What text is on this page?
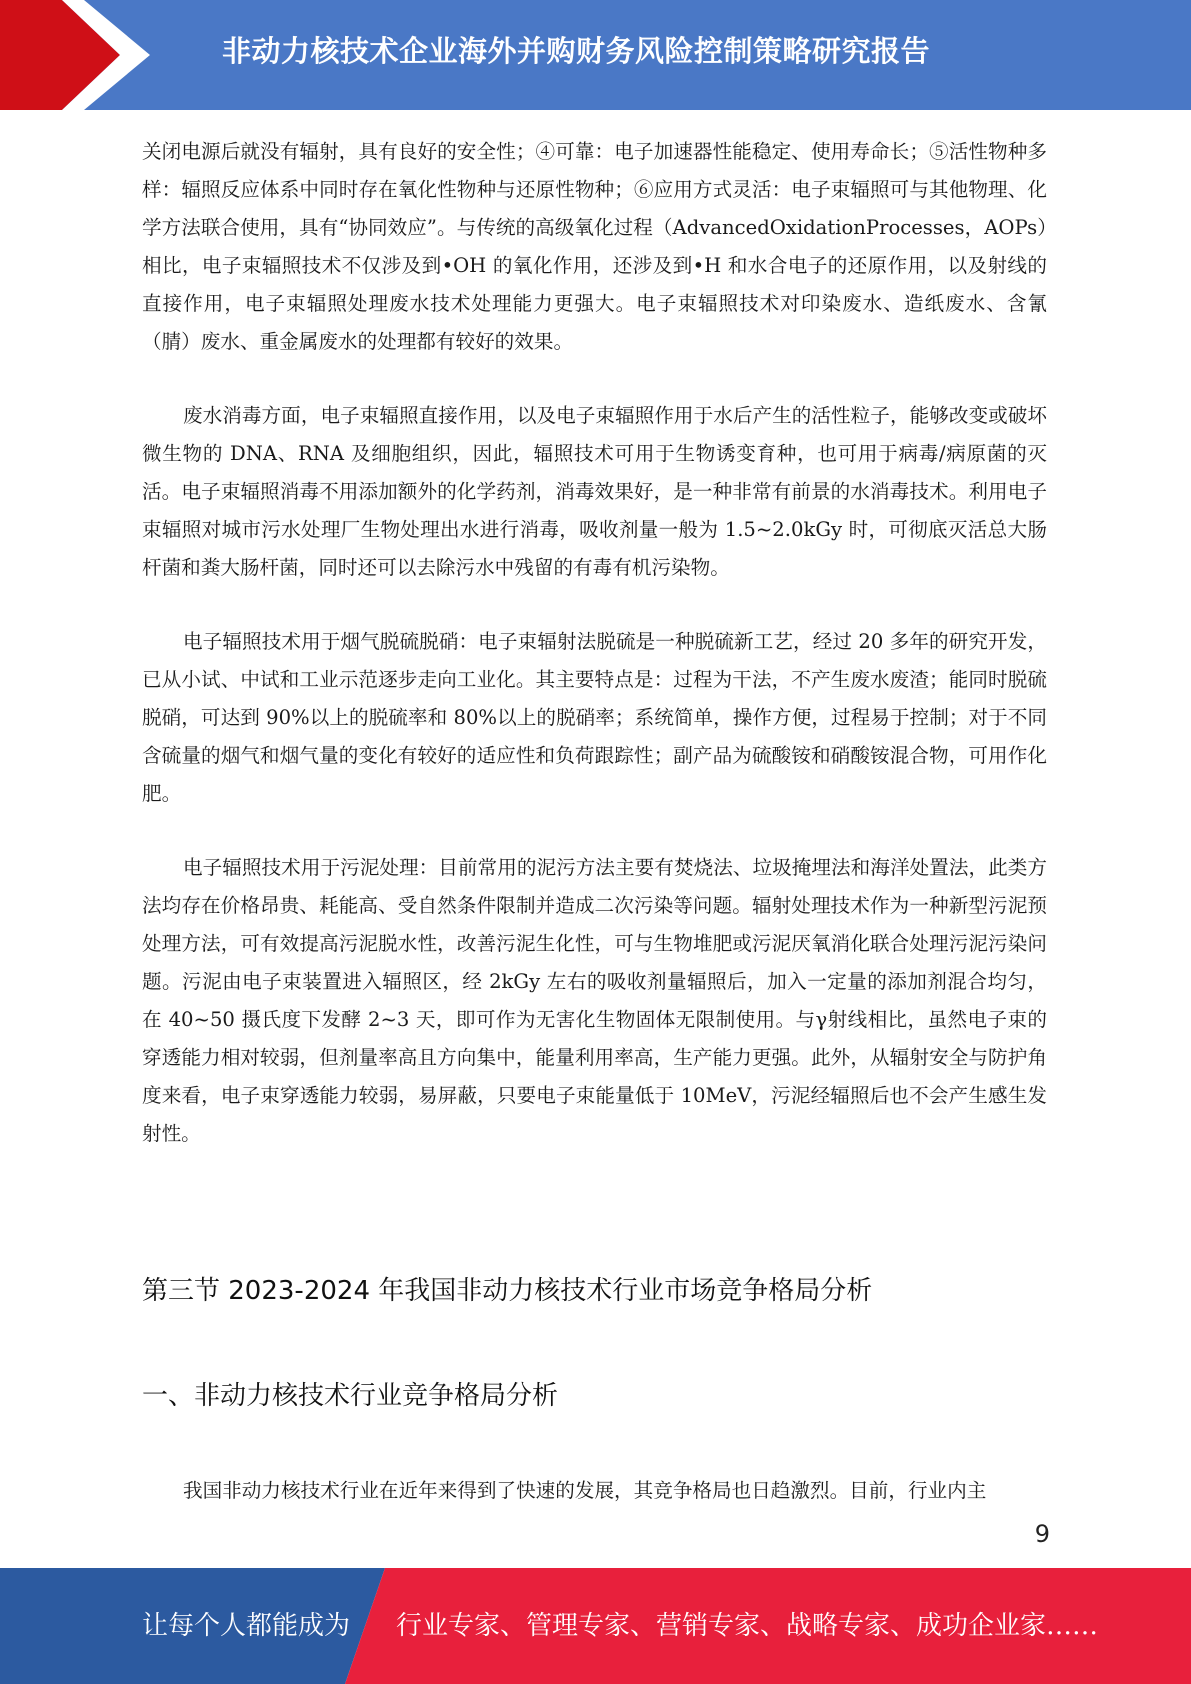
非动力核技术企业海外并购财务风险控制策略研究报告

关闭电源后就没有辐射，具有良好的安全性；④可靠：电子加速器性能稳定、使用寿命长；⑤活性物种多样：辐照反应体系中同时存在氧化性物种与还原性物种；⑥应用方式灵活：电子束辐照可与其他物理、化学方法联合使用，具有“协同效应”。与传统的高级氧化过程（AdvancedOxidationProcesses，AOPs）相比，电子束辐照技术不仅涉及到•OH 的氧化作用，还涉及到•H 和水合电子的还原作用，以及射线的直接作用，电子束辐照处理废水技术处理能力更强大。电子束辐照技术对印染废水、造纸废水、含氰（腈）废水、重金属废水的处理都有较好的效果。

废水消毒方面，电子束辐照直接作用，以及电子束辐照作用于水后产生的活性粒子，能够改变或破坏微生物的 DNA、RNA 及细胞组织，因此，辐照技术可用于生物诱变育种，也可用于病毒/病原菌的灭活。电子束辐照消毒不用添加额外的化学药剂，消毒效果好，是一种非常有前景的水消毒技术。利用电子束辐照对城市污水处理厂生物处理出水进行消毒，吸收剂量一般为 1.5~2.0kGy 时，可彻底灭活总大肠杆菌和粪大肠杆菌，同时还可以去除污水中残留的有毒有机污染物。

电子辐照技术用于烟气脱硫脱硝：电子束辐射法脱硫是一种脱硫新工艺，经过 20 多年的研究开发，已从小试、中试和工业示范逐步走向工业化。其主要特点是：过程为干法，不产生废水废渣；能同时脱硫脱硝，可达到 90%以上的脱硫率和 80%以上的脱硝率；系统简单，操作方便，过程易于控制；对于不同含硫量的烟气和烟气量的变化有较好的适应性和负荷跟踪性；副产品为硫酸铵和硝酸铵混合物，可用作化肥。

电子辐照技术用于污泥处理：目前常用的泥污方法主要有焚烧法、垃圾掩埋法和海洋处置法，此类方法均存在价格昂贵、耗能高、受自然条件限制并造成二次污染等问题。辐射处理技术作为一种新型污泥预处理方法，可有效提高污泥脱水性，改善污泥生化性，可与生物堆肥或污泥厌氧消化联合处理污泥污染问题。污泥由电子束装置进入辐照区，经 2kGy 左右的吸收剂量辐照后，加入一定量的添加剂混合均匀，在 40~50 摄氏度下发酵 2~3 天，即可作为无害化生物固体无限制使用。与γ射线相比，虽然电子束的穿透能力相对较弱，但剂量率高且方向集中，能量利用率高，生产能力更强。此外，从辐射安全与防护角度来看，电子束穿透能力较弱，易屏蔽，只要电子束能量低于 10MeV，污泥经辐照后也不会产生感生发射性。

第三节 2023-2024 年我国非动力核技术行业市场竞争格局分析
一、非动力核技术行业竞争格局分析

我国非动力核技术行业在近年来得到了快速的发展，其竞争格局也日趋激烈。目前，行业内主

9
让每个人都能成为 行业专家、管理专家、营销专家、战略专家、成功企业家……
